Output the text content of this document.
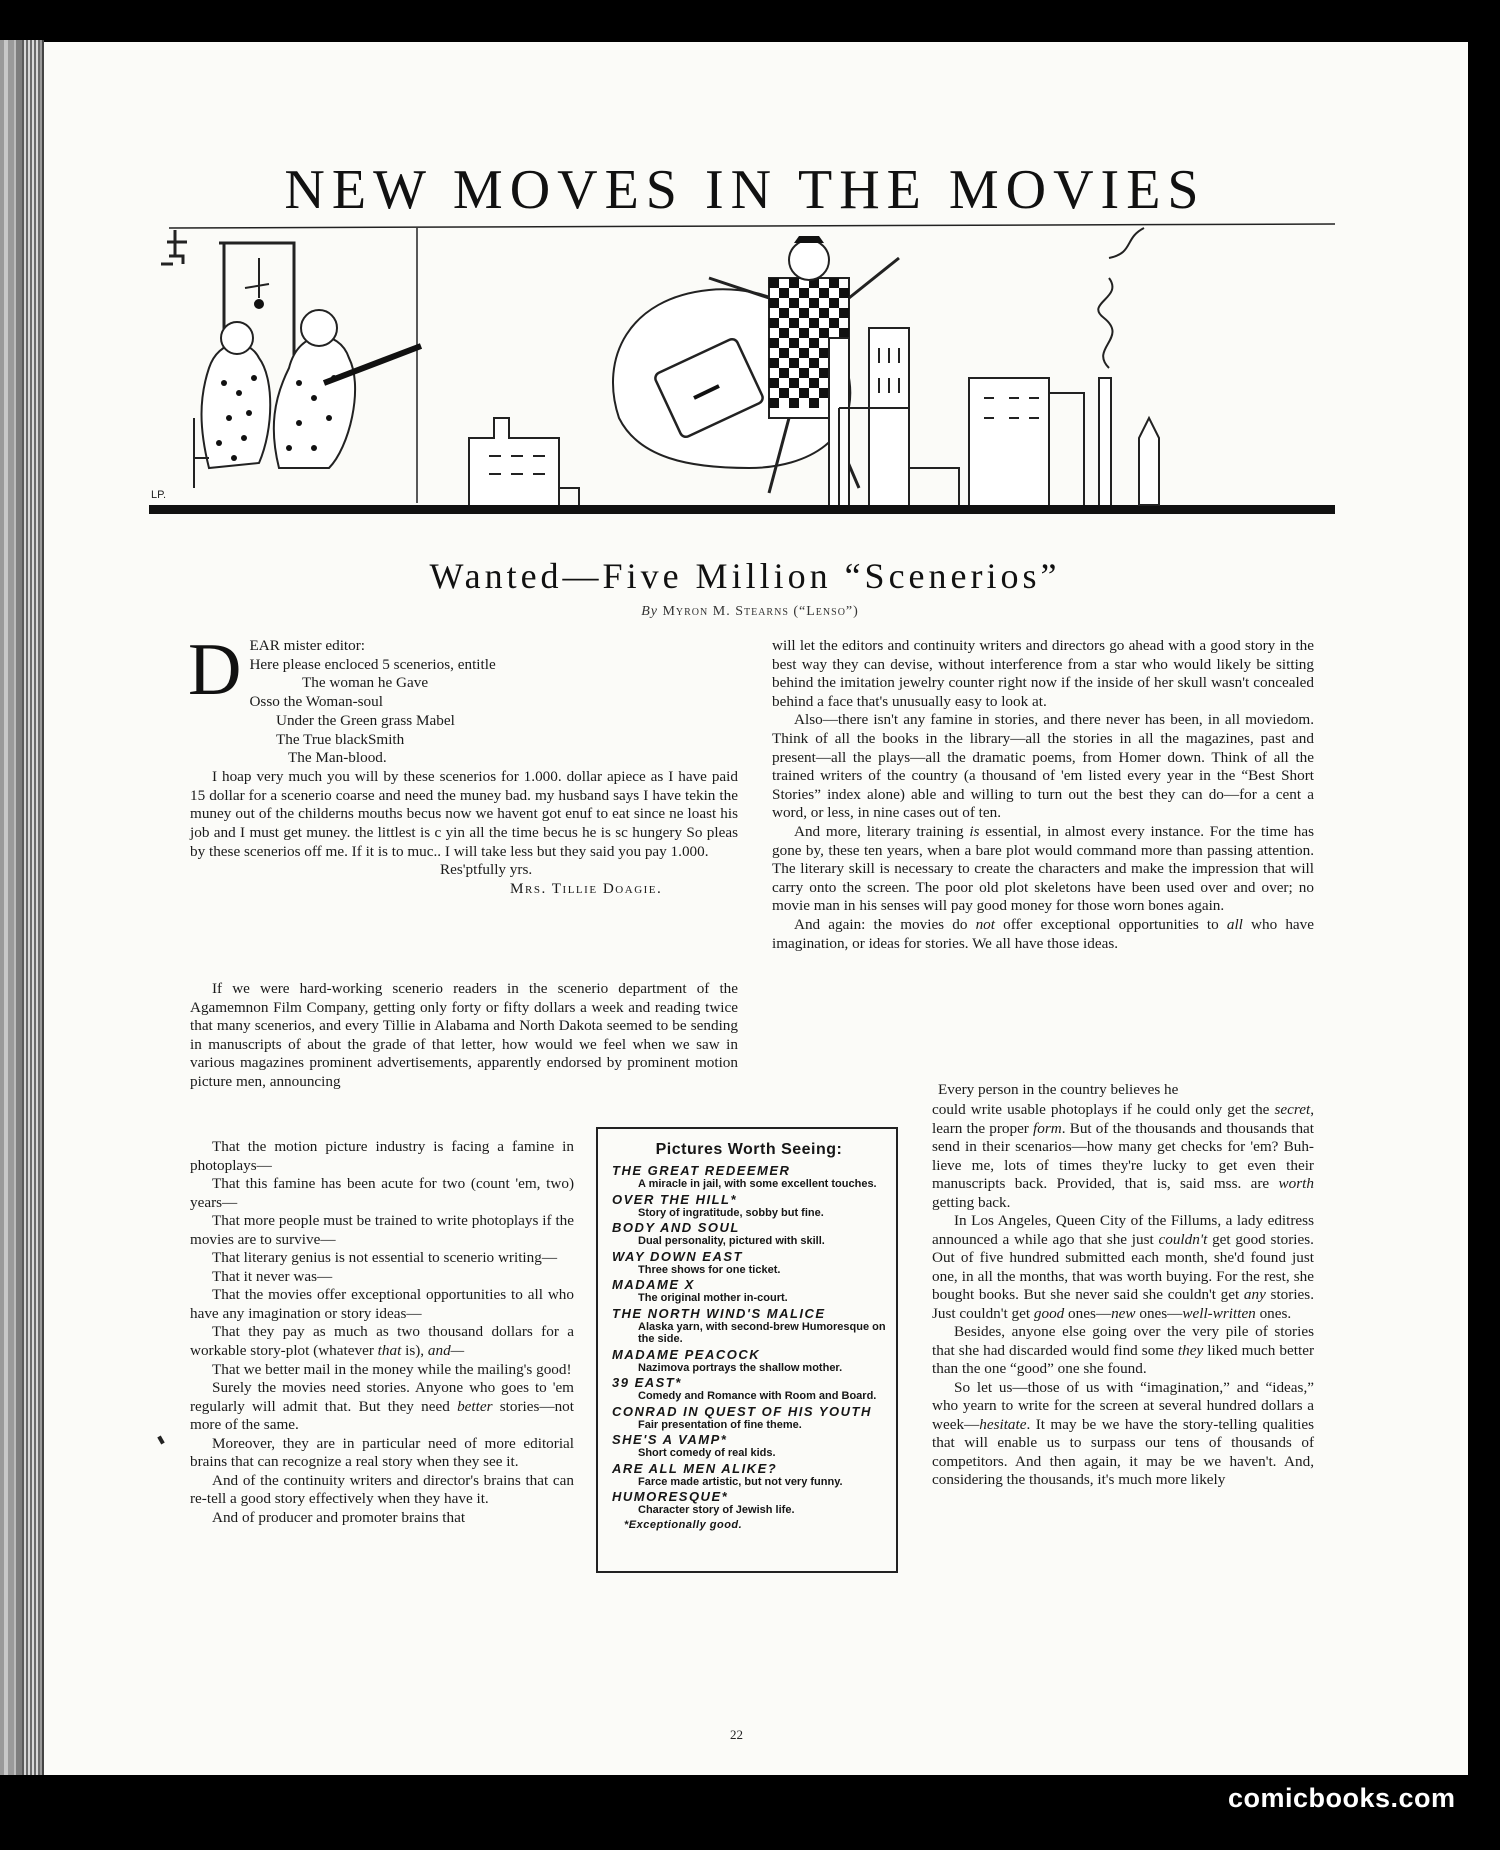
NEW MOVES IN THE MOVIES
LP.
Wanted—Five Million “Scenerios”
By Myron M. Stearns (“Lenso”)
D EAR mister editor:
Here please encloced 5 scenerios, entitle
The woman he Gave
Osso the Woman-soul
Under the Green grass Mabel
The True blackSmith
The Man-blood.
I hoap very much you will by these scenerios for 1.000. dollar apiece as I have paid 15 dollar for a scenerio coarse and need the muney bad. my husband says I have tekin the muney out of the childerns mouths becus now we havent got enuf to eat since ne loast his job and I must get muney. the littlest is c yin all the time becus he is sc hungery So pleas by these scenerios off me. If it is to muc.. I will take less but they said you pay 1.000.
Res'ptfully yrs.
Mrs. Tillie Doagie.

If we were hard-working scenerio readers in the scenerio department of the Agamemnon Film Company, getting only forty or fifty dollars a week and reading twice that many scenerios, and every Tillie in Alabama and North Dakota seemed to be sending in manuscripts of about the grade of that letter, how would we feel when we saw in various magazines prominent advertisements, apparently endorsed by prominent motion picture men, announcing

That the motion picture industry is facing a famine in photoplays—

That this famine has been acute for two (count 'em, two) years—

That more people must be trained to write photoplays if the movies are to survive—

That literary genius is not essential to scenerio writing—

That it never was—

That the movies offer exceptional opportunities to all who have any imagination or story ideas—

That they pay as much as two thousand dollars for a workable story-plot (whatever that is), and—

That we better mail in the money while the mailing's good!

Surely the movies need stories. Anyone who goes to 'em regularly will admit that. But they need better stories—not more of the same.

Moreover, they are in particular need of more editorial brains that can recognize a real story when they see it.

And of the continuity writers and director's brains that can re-tell a good story effectively when they have it.

And of producer and promoter brains that

will let the editors and continuity writers and directors go ahead with a good story in the best way they can devise, without interference from a star who would likely be sitting behind the imitation jewelry counter right now if the inside of her skull wasn't concealed behind a face that's unusually easy to look at.

Also—there isn't any famine in stories, and there never has been, in all moviedom. Think of all the books in the library—all the stories in all the magazines, past and present—all the plays—all the dramatic poems, from Homer down. Think of all the trained writers of the country (a thousand of 'em listed every year in the “Best Short Stories” index alone) able and willing to turn out the best they can do—for a cent a word, or less, in nine cases out of ten.

And more, literary training is essential, in almost every instance. For the time has gone by, these ten years, when a bare plot would command more than passing attention. The literary skill is necessary to create the characters and make the impression that will carry onto the screen. The poor old plot skeletons have been used over and over; no movie man in his senses will pay good money for those worn bones again.

And again: the movies do not offer exceptional opportunities to all who have imagination, or ideas for stories. We all have those ideas.

Every person in the country believes he

could write usable photoplays if he could only get the secret, learn the proper form. But of the thousands and thousands that send in their scenarios—how many get checks for 'em? Buh-lieve me, lots of times they're lucky to get even their manuscripts back. Provided, that is, said mss. are worth getting back.

In Los Angeles, Queen City of the Fillums, a lady editress announced a while ago that she just couldn't get good stories. Out of five hundred submitted each month, she'd found just one, in all the months, that was worth buying. For the rest, she bought books. But she never said she couldn't get any stories. Just couldn't get good ones—new ones—well-written ones.

Besides, anyone else going over the very pile of stories that she had discarded would find some they liked much better than the one “good” one she found.

So let us—those of us with “imagination,” and “ideas,” who yearn to write for the screen at several hundred dollars a week—hesitate. It may be we have the story-telling qualities that will enable us to surpass our tens of thousands of competitors. And then again, it may be we haven't. And, considering the thousands, it's much more likely

Pictures Worth Seeing:
THE GREAT REDEEMER
A miracle in jail, with some excellent touches.
OVER THE HILL*
Story of ingratitude, sobby but fine.
BODY AND SOUL
Dual personality, pictured with skill.
WAY DOWN EAST
Three shows for one ticket.
MADAME X
The original mother in-court.
THE NORTH WIND'S MALICE
Alaska yarn, with second-brew Humoresque on the side.
MADAME PEACOCK
Nazimova portrays the shallow mother.
39 EAST*
Comedy and Romance with Room and Board.
CONRAD IN QUEST OF HIS YOUTH
Fair presentation of fine theme.
SHE'S A VAMP*
Short comedy of real kids.
ARE ALL MEN ALIKE?
Farce made artistic, but not very funny.
HUMORESQUE*
Character story of Jewish life.
*Exceptionally good.
22
comicbooks.com
